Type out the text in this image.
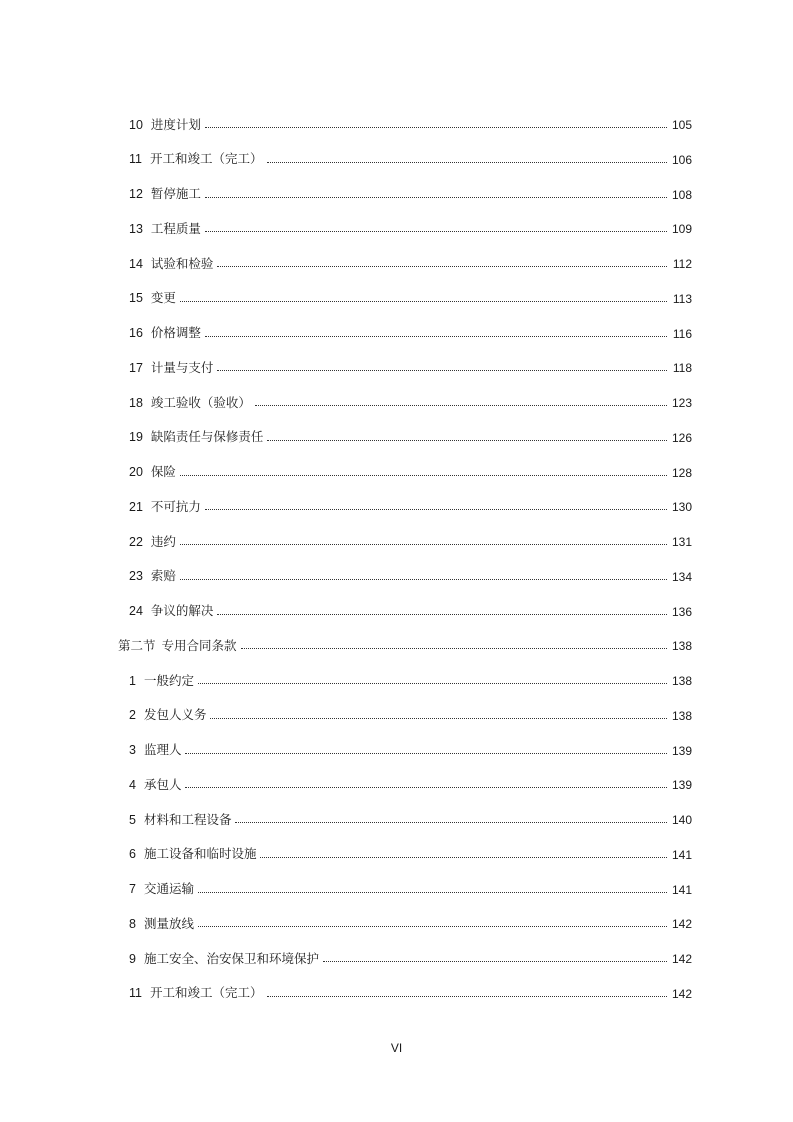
10 进度计划	105
11 开工和竣工（完工）	106
12 暂停施工	108
13 工程质量	109
14 试验和检验	112
15 变更	113
16 价格调整	116
17 计量与支付	118
18 竣工验收（验收）	123
19 缺陷责任与保修责任	126
20 保险	128
21 不可抗力	130
22 违约	131
23 索赔	134
24 争议的解决	136
第二节 专用合同条款	138
1 一般约定	138
2 发包人义务	138
3 监理人	139
4 承包人	139
5 材料和工程设备	140
6 施工设备和临时设施	141
7 交通运输	141
8 测量放线	142
9 施工安全、治安保卫和环境保护	142
11 开工和竣工（完工）	142
VI
